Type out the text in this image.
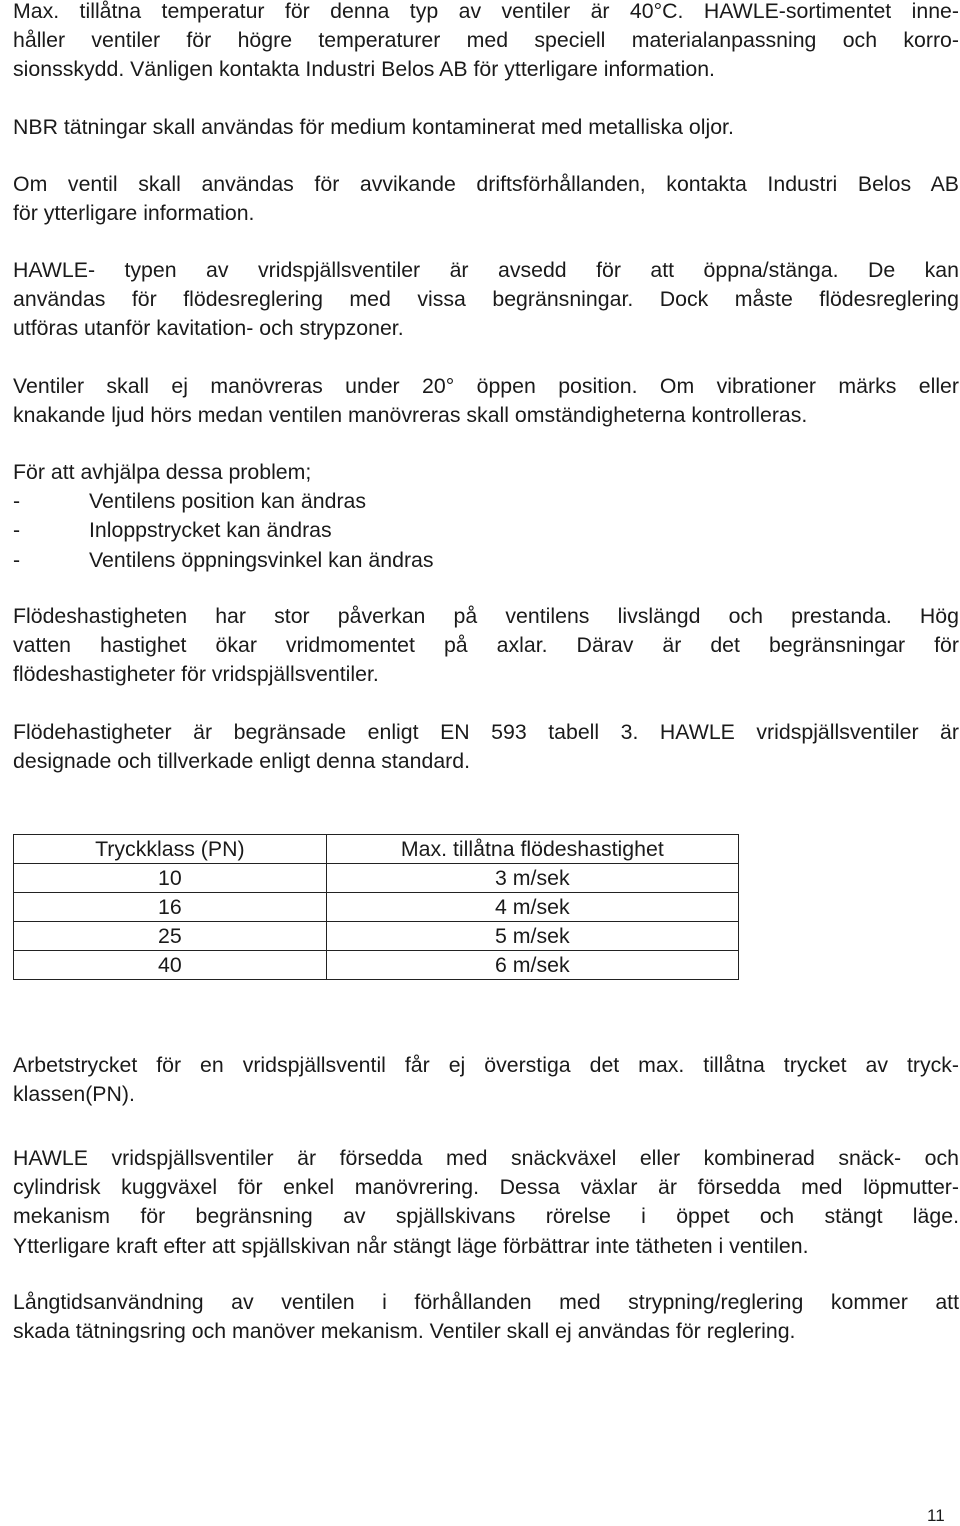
Max. tillåtna temperatur för denna typ av ventiler är 40°C. HAWLE-sortimentet inne-
håller ventiler för högre temperaturer med speciell materialanpassning och korro-
sionsskydd. Vänligen kontakta Industri Belos AB för ytterligare information.
NBR tätningar skall användas för medium kontaminerat med metalliska oljor.
Om ventil skall användas för avvikande driftsförhållanden, kontakta Industri Belos AB
för ytterligare information.
HAWLE- typen av vridspjällsventiler är avsedd för att öppna/stänga. De kan
användas för flödesreglering med vissa begränsningar. Dock måste flödesreglering
utföras utanför kavitation- och strypzoner.
Ventiler skall ej manövreras under 20° öppen position. Om vibrationer märks eller
knakande ljud hörs medan ventilen manövreras skall omständigheterna kontrolleras.
För att avhjälpa dessa problem;
-	Ventilens position kan ändras
-	Inloppstrycket kan ändras
-	Ventilens öppningsvinkel kan ändras
Flödeshastigheten har stor påverkan på ventilens livslängd och prestanda. Hög
vatten hastighet ökar vridmomentet på axlar. Därav är det begränsningar för
flödeshastigheter för vridspjällsventiler.
Flödehastigheter är begränsade enligt EN 593 tabell 3. HAWLE vridspjällsventiler är
designade och tillverkade enligt denna standard.
Tryckklass (PN)	Max. tillåtna flödeshastighet
10	3 m/sek
16	4 m/sek
25	5 m/sek
40	6 m/sek
Arbetstrycket för en vridspjällsventil får ej överstiga det max. tillåtna trycket av tryck-
klassen(PN).
HAWLE vridspjällsventiler är försedda med snäckväxel eller kombinerad snäck- och
cylindrisk kuggväxel för enkel manövrering. Dessa växlar är försedda med löpmutter-
mekanism för begränsning av spjällskivans rörelse i öppet och stängt läge.
Ytterligare kraft efter att spjällskivan når stängt läge förbättrar inte tätheten i ventilen.
Långtidsanvändning av ventilen i förhållanden med strypning/reglering kommer att
skada tätningsring och manöver mekanism. Ventiler skall ej användas för reglering.
11
